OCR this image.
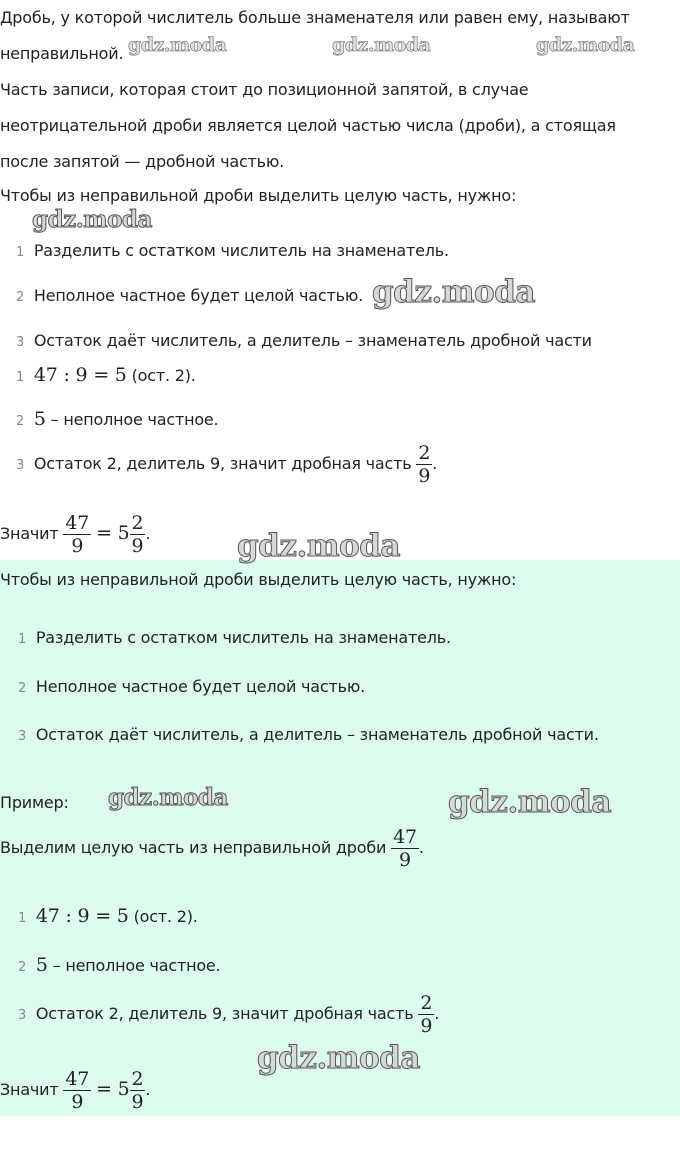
Дробь, у которой числитель больше знаменателя или равен ему, называют
неправильной.
Часть записи, которая стоит до позиционной запятой, в случае
неотрицательной дроби является целой частью числа (дроби), а стоящая
после запятой — дробной частью.
Чтобы из неправильной дроби выделить целую часть, нужно:
1 Разделить с остатком числитель на знаменатель.
2 Неполное частное будет целой частью.
3 Остаток даёт числитель, а делитель – знаменатель дробной части
1 47 : 9 = 5 (ост. 2).
2 5 – неполное частное.
3 Остаток 2, делитель 9, значит дробная часть $\frac{2}{9}$ .
Значит $\frac{47}{9} = 5 \frac{2}{9}$ .
Чтобы из неправильной дроби выделить целую часть, нужно:
1 Разделить с остатком числитель на знаменатель.
2 Неполное частное будет целой частью.
3 Остаток даёт числитель, а делитель – знаменатель дробной части.
Пример:
Выделим целую часть из неправильной дроби $\frac{47}{9}$ .
1 47 : 9 = 5 (ост. 2).
2 5 – неполное частное.
3 Остаток 2, делитель 9, значит дробная часть $\frac{2}{9}$ .
Значит $\frac{47}{9} = 5 \frac{2}{9}$ .
gdz.moda	gdz.moda	gdz.moda
gdz.moda
gdz.moda
gdz.moda
gdz.moda	gdz.moda
gdz.moda
